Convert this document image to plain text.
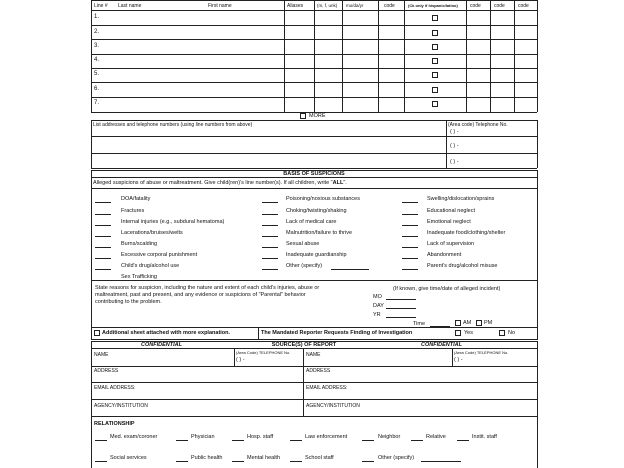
Line # Last name	First name	Aliases	(m, f, unk) mo/da/yr	code	(Ck only if hispanic/latino) code	code	code
1.
2.
3.
4.
5.
6.
7.
MORE
List addresses and telephone numbers (using line numbers from above)	(Area code) Telephone No.
( ) -
( ) -
( ) -
BASIS OF SUSPICIONS
Alleged suspicions of abuse or maltreatment. Give child(ren)'s line number(s). If all children, write "ALL".
DOA/fatality
Fractures
Internal injuries (e.g., subdural hematoma)
Lacerations/bruises/welts
Burns/scalding
Excessive corporal punishment
Child's drug/alcohol use
Sex Trafficking
Poisoning/noxious substances
Choking/twisting/shaking
Lack of medical care
Malnutrition/failure to thrive
Sexual abuse
Inadequate guardianship
Other (specify)
Swelling/dislocation/sprains
Educational neglect
Emotional neglect
Inadequate food/clothing/shelter
Lack of supervision
Abandonment
Parent's drug/alcohol misuse
State reasons for suspicion, including the nature and extent of each child's injuries, abuse or
maltreatment, past and present, and any evidence or suspicions of "Parental" behavior
contributing to the problem.
(If known, give time/date of alleged incident)
MO
DAY
YR
Time	AM PM
Additional sheet attached with more explanation.	The Mandated Reporter Requests Finding of Investigation	Yes	No
CONFIDENTIAL	SOURCE(S) OF REPORT	CONFIDENTIAL
NAME	(Area Code) TELEPHONE No.
( ) -
ADDRESS
EMAIL ADDRESS:
AGENCY/INSTITUTION
NAME	(Area Code) TELEPHONE No.
( ) -
ADDRESS
EMAIL ADDRESS:
AGENCY/INSTITUTION
RELATIONSHIP
Med. exam/coroner	Physician	Hosp. staff	Law enforcement	Neighbor	Relative	Instit. staff
Social services	Public health	Mental health	School staff	Other (specify)
